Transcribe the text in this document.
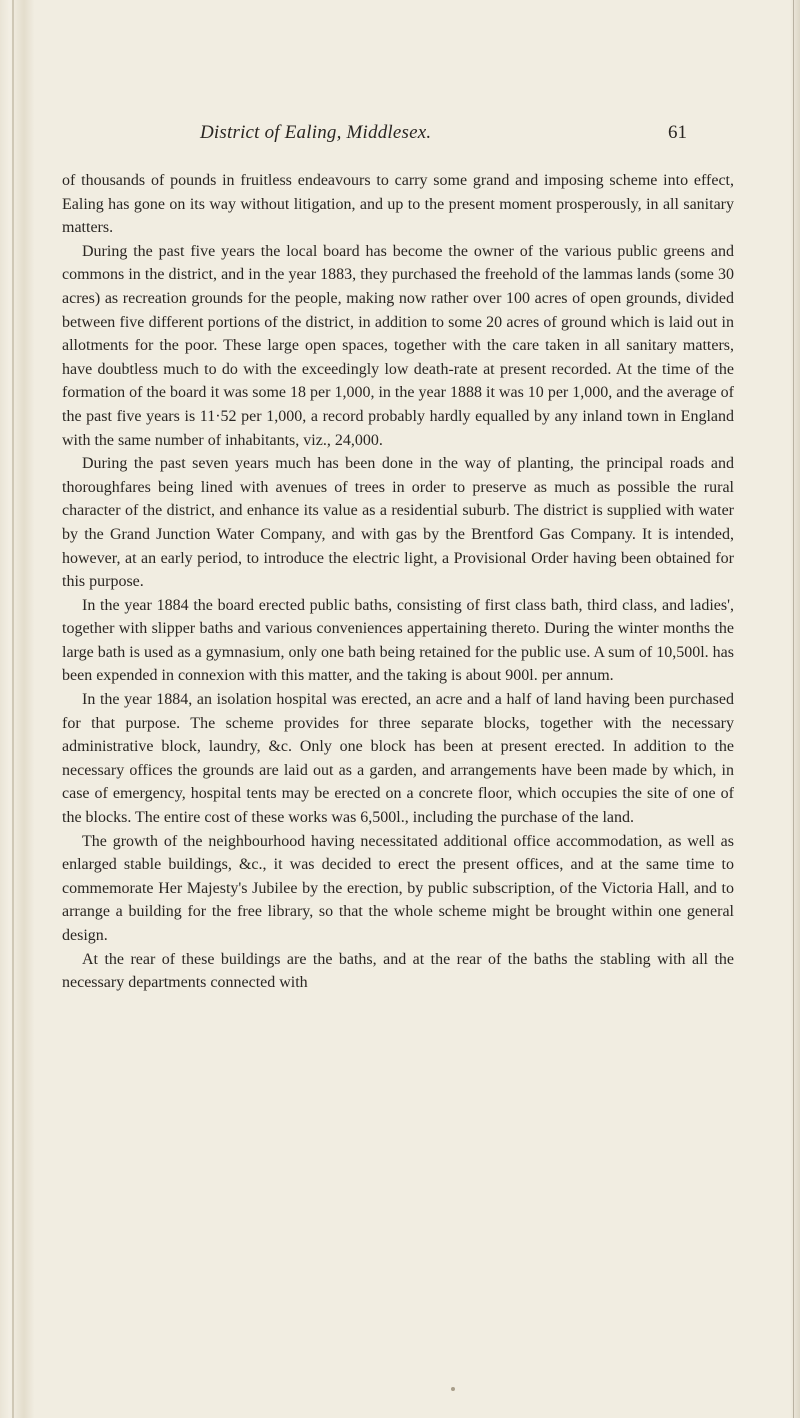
District of Ealing, Middlesex.	61

of thousands of pounds in fruitless endeavours to carry some grand and imposing scheme into effect, Ealing has gone on its way without litigation, and up to the present moment prosperously, in all sanitary matters.

During the past five years the local board has become the owner of the various public greens and commons in the district, and in the year 1883, they purchased the freehold of the lammas lands (some 30 acres) as recreation grounds for the people, making now rather over 100 acres of open grounds, divided between five different portions of the district, in addition to some 20 acres of ground which is laid out in allotments for the poor. These large open spaces, together with the care taken in all sanitary matters, have doubtless much to do with the exceedingly low death-rate at present recorded. At the time of the formation of the board it was some 18 per 1,000, in the year 1888 it was 10 per 1,000, and the average of the past five years is 11·52 per 1,000, a record probably hardly equalled by any inland town in England with the same number of inhabitants, viz., 24,000.

During the past seven years much has been done in the way of planting, the principal roads and thoroughfares being lined with avenues of trees in order to preserve as much as possible the rural character of the district, and enhance its value as a residential suburb. The district is supplied with water by the Grand Junction Water Company, and with gas by the Brentford Gas Company. It is intended, however, at an early period, to introduce the electric light, a Provisional Order having been obtained for this purpose.

In the year 1884 the board erected public baths, consisting of first class bath, third class, and ladies', together with slipper baths and various conveniences appertaining thereto. During the winter months the large bath is used as a gymnasium, only one bath being retained for the public use. A sum of 10,500l. has been expended in connexion with this matter, and the taking is about 900l. per annum.

In the year 1884, an isolation hospital was erected, an acre and a half of land having been purchased for that purpose. The scheme provides for three separate blocks, together with the necessary administrative block, laundry, &c. Only one block has been at present erected. In addition to the necessary offices the grounds are laid out as a garden, and arrangements have been made by which, in case of emergency, hospital tents may be erected on a concrete floor, which occupies the site of one of the blocks. The entire cost of these works was 6,500l., including the purchase of the land.

The growth of the neighbourhood having necessitated additional office accommodation, as well as enlarged stable buildings, &c., it was decided to erect the present offices, and at the same time to commemorate Her Majesty's Jubilee by the erection, by public subscription, of the Victoria Hall, and to arrange a building for the free library, so that the whole scheme might be brought within one general design.

At the rear of these buildings are the baths, and at the rear of the baths the stabling with all the necessary departments connected with
